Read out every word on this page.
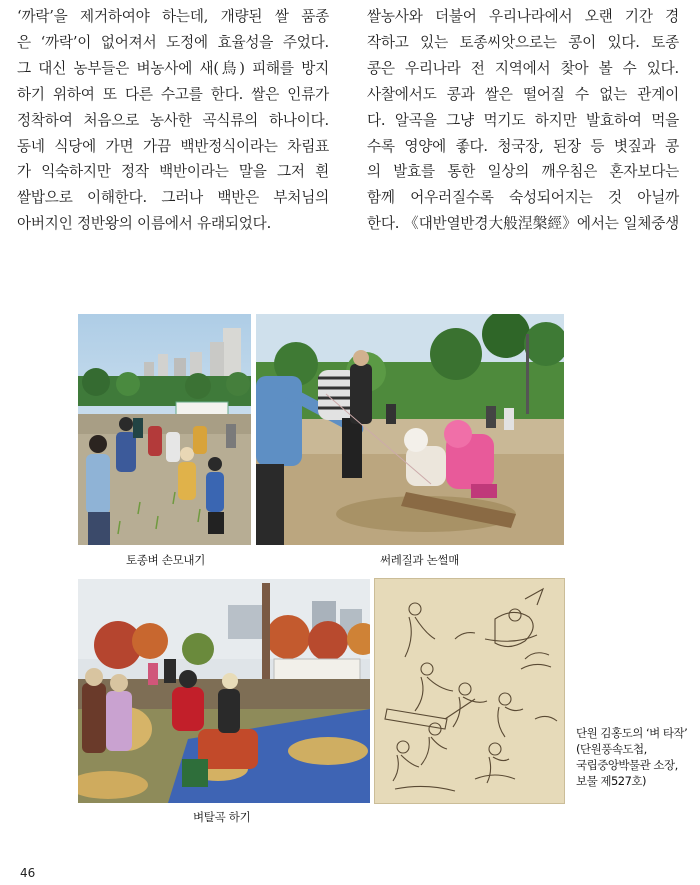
‘까락’을 제거하여야 하는데, 개량된 쌀 품종

은 ‘까락’이 없어져서 도정에 효율성을 주었다.

그 대신 농부들은 벼농사에 새(鳥) 피해를 방지

하기 위하여 또 다른 수고를 한다. 쌀은 인류가

정착하여 처음으로 농사한 곡식류의 하나이다.

동네 식당에 가면 가끔 백반정식이라는 차림표

가 익숙하지만 정작 백반이라는 말을 그저 흰

쌀밥으로 이해한다. 그러나 백반은 부처님의

아버지인 정반왕의 이름에서 유래되었다.

쌀농사와 더불어 우리나라에서 오랜 기간 경

작하고 있는 토종씨앗으로는 콩이 있다. 토종

콩은 우리나라 전 지역에서 찾아 볼 수 있다.

사찰에서도 콩과 쌀은 떨어질 수 없는 관계이

다. 알곡을 그냥 먹기도 하지만 발효하여 먹을

수록 영양에 좋다. 청국장, 된장 등 볏짚과 콩

의 발효를 통한 일상의 깨우침은 혼자보다는

함께 어우러질수록 숙성되어지는 것 아닐까

한다. 《대반열반경大般涅槃經》에서는 일체중생

토종벼 손모내기	써레질과 논썰매
벼탈곡 하기
단원 김홍도의 ‘벼 타작’
(단원풍속도첩,
국립중앙박물관 소장,
보물 제527호)
46
